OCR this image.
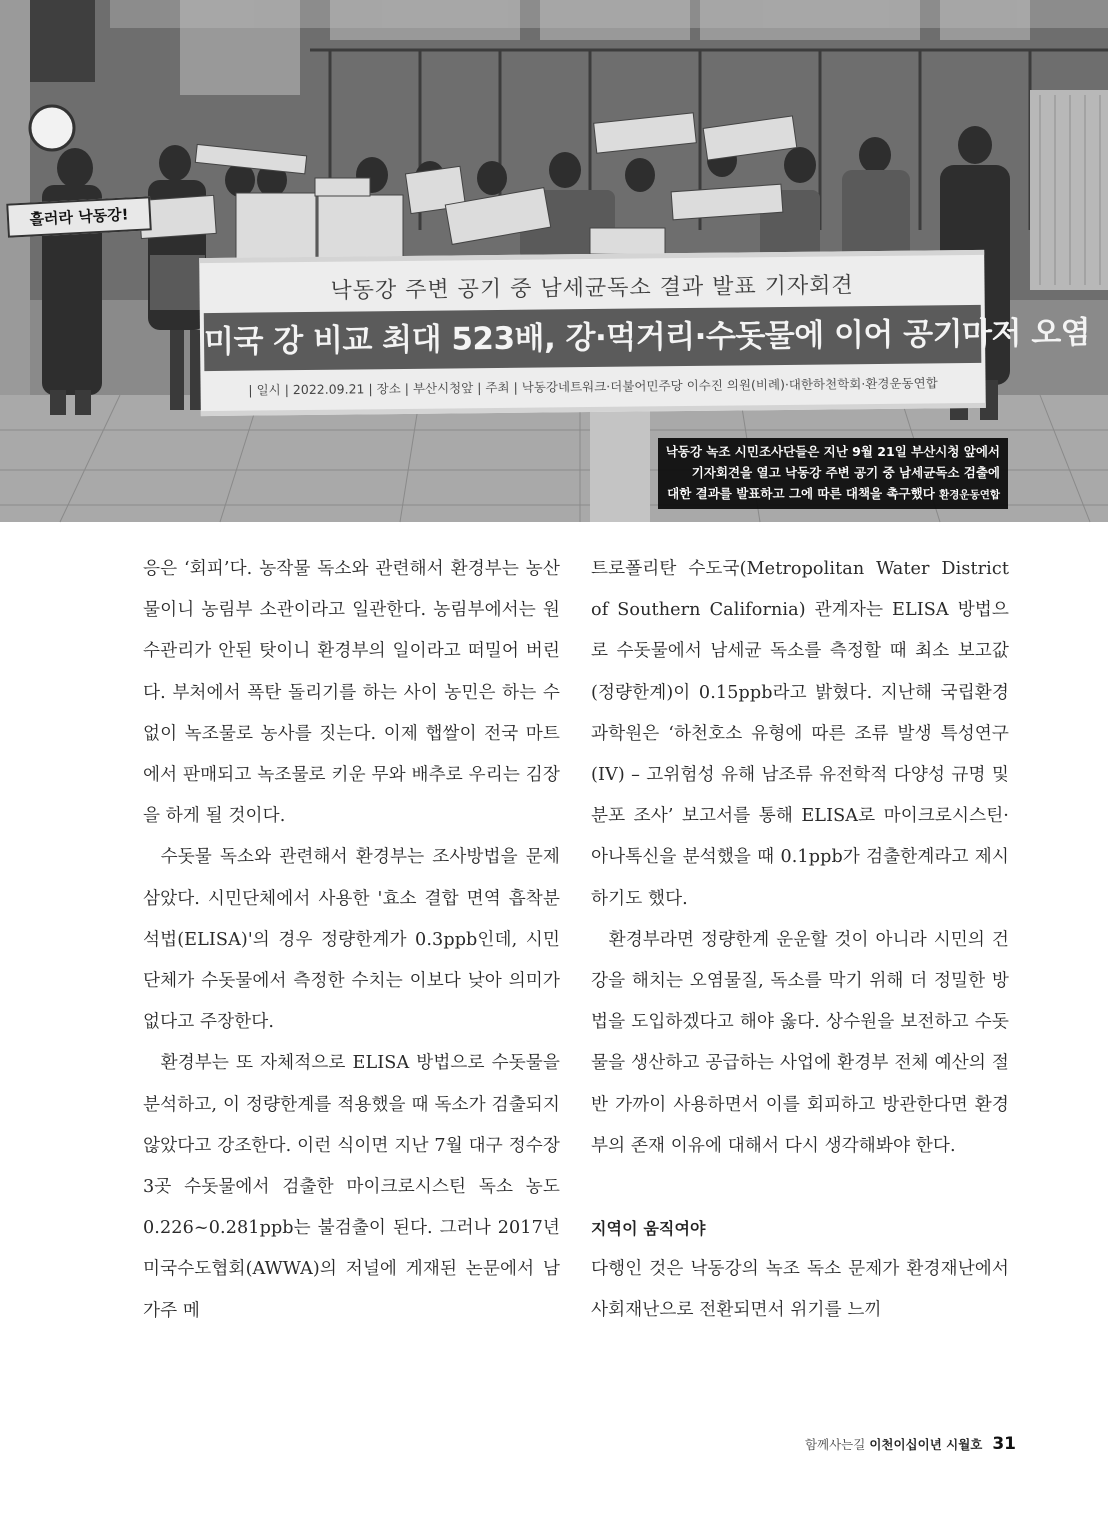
흘러라 낙동강!
낙동강 주변 공기 중 남세균독소 결과 발표 기자회견
미국 강 비교 최대 523배, 강·먹거리·수돗물에 이어 공기마저 오염
| 일시 | 2022.09.21 | 장소 | 부산시청앞 | 주최 | 낙동강네트워크·더불어민주당 이수진 의원(비례)·대한하천학회·환경운동연합
낙동강 녹조 시민조사단들은 지난 9월 21일 부산시청 앞에서
기자회견을 열고 낙동강 주변 공기 중 남세균독소 검출에
대한 결과를 발표하고 그에 따른 대책을 촉구했다 환경운동연합

응은 ‘회피’다. 농작물 독소와 관련해서 환경부는 농산물이니 농림부 소관이라고 일관한다. 농림부에서는 원수관리가 안된 탓이니 환경부의 일이라고 떠밀어 버린다. 부처에서 폭탄 돌리기를 하는 사이 농민은 하는 수 없이 녹조물로 농사를 짓는다. 이제 햅쌀이 전국 마트에서 판매되고 녹조물로 키운 무와 배추로 우리는 김장을 하게 될 것이다.

수돗물 독소와 관련해서 환경부는 조사방법을 문제 삼았다. 시민단체에서 사용한 '효소 결합 면역 흡착분석법(ELISA)'의 경우 정량한계가 0.3ppb인데, 시민단체가 수돗물에서 측정한 수치는 이보다 낮아 의미가 없다고 주장한다.

환경부는 또 자체적으로 ELISA 방법으로 수돗물을 분석하고, 이 정량한계를 적용했을 때 독소가 검출되지 않았다고 강조한다. 이런 식이면 지난 7월 대구 정수장 3곳 수돗물에서 검출한 마이크로시스틴 독소 농도 0.226~0.281ppb는 불검출이 된다. 그러나 2017년 미국수도협회(AWWA)의 저널에 게재된 논문에서 남가주 메

트로폴리탄 수도국(Metropolitan Water District of Southern California) 관계자는 ELISA 방법으로 수돗물에서 남세균 독소를 측정할 때 최소 보고값(정량한계)이 0.15ppb라고 밝혔다. 지난해 국립환경과학원은 ‘하천호소 유형에 따른 조류 발생 특성연구(IV) – 고위험성 유해 남조류 유전학적 다양성 규명 및 분포 조사’ 보고서를 통해 ELISA로 마이크로시스틴·아나톡신을 분석했을 때 0.1ppb가 검출한계라고 제시하기도 했다.

환경부라면 정량한계 운운할 것이 아니라 시민의 건강을 해치는 오염물질, 독소를 막기 위해 더 정밀한 방법을 도입하겠다고 해야 옳다. 상수원을 보전하고 수돗물을 생산하고 공급하는 사업에 환경부 전체 예산의 절반 가까이 사용하면서 이를 회피하고 방관한다면 환경부의 존재 이유에 대해서 다시 생각해봐야 한다.

지역이 움직여야

다행인 것은 낙동강의 녹조 독소 문제가 환경재난에서 사회재난으로 전환되면서 위기를 느끼

함께사는길 이천이십이년 시월호 31
